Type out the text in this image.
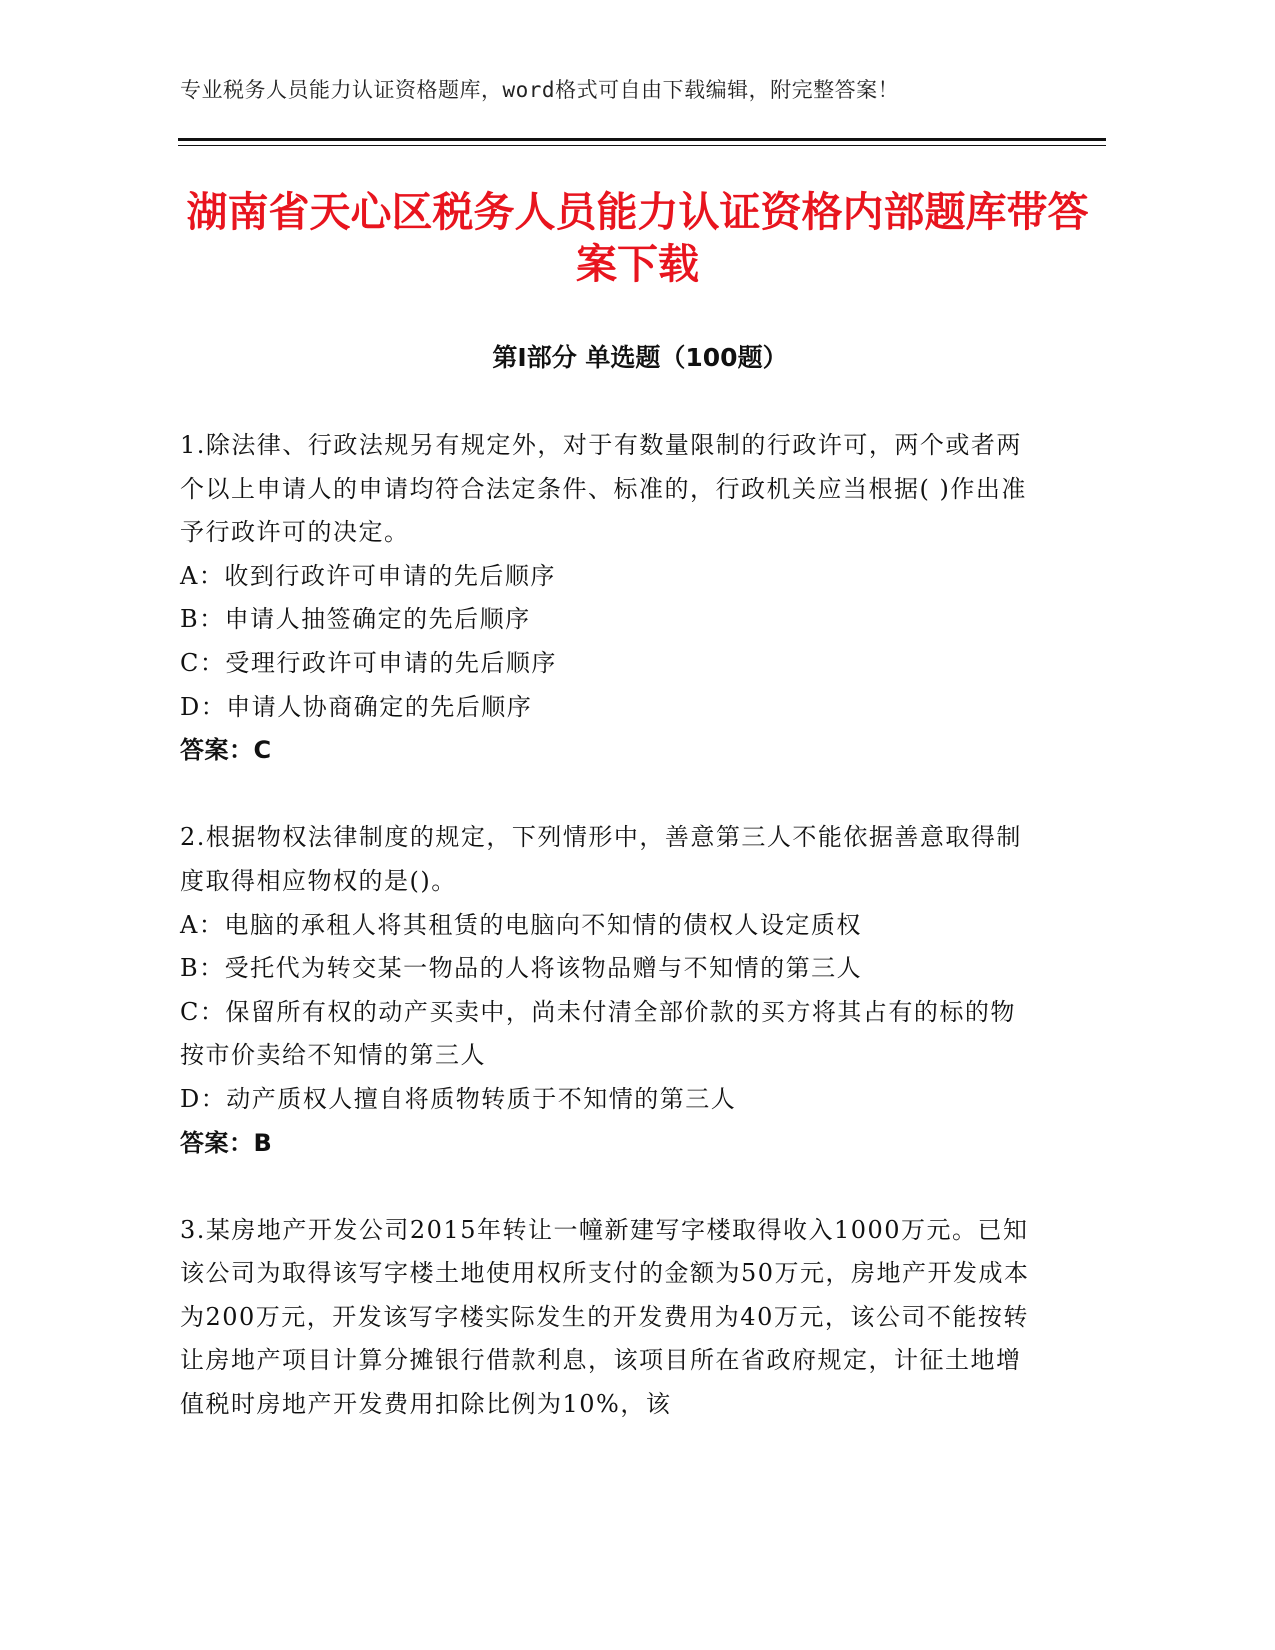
专业税务人员能力认证资格题库，word格式可自由下载编辑，附完整答案！
湖南省天心区税务人员能力认证资格内部题库带答案下载
第I部分 单选题（100题）

1.除法律、行政法规另有规定外，对于有数量限制的行政许可，两个或者两个以上申请人的申请均符合法定条件、标准的，行政机关应当根据( )作出准予行政许可的决定。

A：收到行政许可申请的先后顺序

B：申请人抽签确定的先后顺序

C：受理行政许可申请的先后顺序

D：申请人协商确定的先后顺序

答案：C

2.根据物权法律制度的规定，下列情形中，善意第三人不能依据善意取得制度取得相应物权的是()。

A：电脑的承租人将其租赁的电脑向不知情的债权人设定质权

B：受托代为转交某一物品的人将该物品赠与不知情的第三人

C：保留所有权的动产买卖中，尚未付清全部价款的买方将其占有的标的物按市价卖给不知情的第三人

D：动产质权人擅自将质物转质于不知情的第三人

答案：B

3.某房地产开发公司2015年转让一幢新建写字楼取得收入1000万元。已知该公司为取得该写字楼土地使用权所支付的金额为50万元，房地产开发成本为200万元，开发该写字楼实际发生的开发费用为40万元，该公司不能按转让房地产项目计算分摊银行借款利息，该项目所在省政府规定，计征土地增值税时房地产开发费用扣除比例为10%，该
